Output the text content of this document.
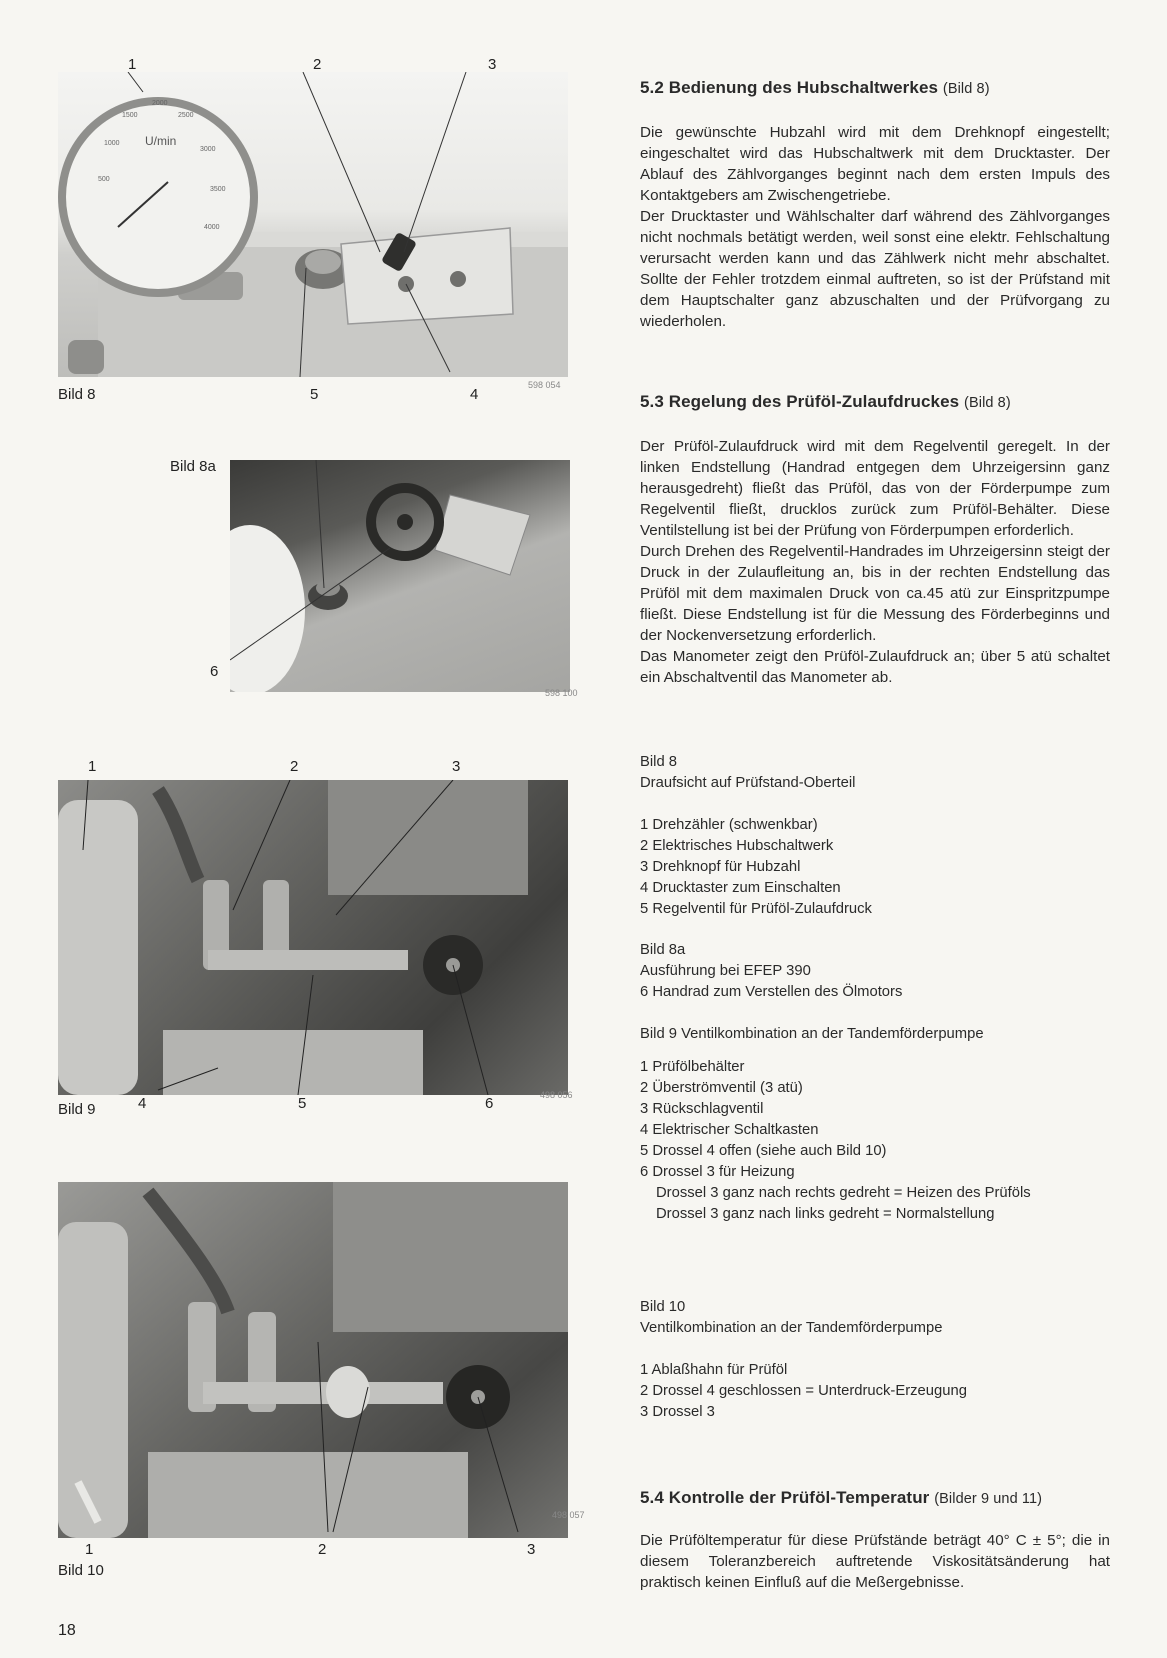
U/min
500
1000
1500
2000
2500
3000
3500
4000
1	2	3
5	4
Bild 8
598 054
Bild 8a
6
598 100
1	2	3
4	5	6
Bild 9
498 056
1	2	3
Bild 10
498 057
18
5.2 Bedienung des Hubschaltwerkes (Bild 8)

Die gewünschte Hubzahl wird mit dem Drehknopf eingestellt; eingeschaltet wird das Hubschaltwerk mit dem Drucktaster. Der Ablauf des Zählvorganges beginnt nach dem ersten Impuls des Kontaktgebers am Zwischengetriebe.

Der Drucktaster und Wählschalter darf während des Zählvorganges nicht nochmals betätigt werden, weil sonst eine elektr. Fehlschaltung verursacht werden kann und das Zählwerk nicht mehr abschaltet. Sollte der Fehler trotzdem einmal auftreten, so ist der Prüfstand mit dem Hauptschalter ganz abzuschalten und der Prüfvorgang zu wiederholen.

5.3 Regelung des Prüföl-Zulaufdruckes (Bild 8)

Der Prüföl-Zulaufdruck wird mit dem Regelventil geregelt. In der linken Endstellung (Handrad entgegen dem Uhrzeigersinn ganz herausgedreht) fließt das Prüföl, das von der Förderpumpe zum Regelventil fließt, drucklos zurück zum Prüföl-Behälter. Diese Ventilstellung ist bei der Prüfung von Förderpumpen erforderlich.

Durch Drehen des Regelventil-Handrades im Uhrzeigersinn steigt der Druck in der Zulaufleitung an, bis in der rechten Endstellung das Prüföl mit dem maximalen Druck von ca.45 atü zur Einspritzpumpe fließt. Diese Endstellung ist für die Messung des Förderbeginns und der Nockenversetzung erforderlich.

Das Manometer zeigt den Prüföl-Zulaufdruck an; über 5 atü schaltet ein Abschaltventil das Manometer ab.

Bild 8
Draufsicht auf Prüfstand-Oberteil
1 Drehzähler (schwenkbar)
2 Elektrisches Hubschaltwerk
3 Drehknopf für Hubzahl
4 Drucktaster zum Einschalten
5 Regelventil für Prüföl-Zulaufdruck
Bild 8a
Ausführung bei EFEP 390
6 Handrad zum Verstellen des Ölmotors
Bild 9 Ventilkombination an der Tandemförderpumpe
1 Prüfölbehälter
2 Überströmventil (3 atü)
3 Rückschlagventil
4 Elektrischer Schaltkasten
5 Drossel 4 offen (siehe auch Bild 10)
6 Drossel 3 für Heizung
Drossel 3 ganz nach rechts gedreht = Heizen des Prüföls
Drossel 3 ganz nach links gedreht = Normalstellung
Bild 10
Ventilkombination an der Tandemförderpumpe
1 Ablaßhahn für Prüföl
2 Drossel 4 geschlossen = Unterdruck-Erzeugung
3 Drossel 3
5.4 Kontrolle der Prüföl-Temperatur (Bilder 9 und 11)

Die Prüföltemperatur für diese Prüfstände beträgt 40° C ± 5°; die in diesem Toleranzbereich auftretende Viskositätsänderung hat praktisch keinen Einfluß auf die Meßergebnisse.
